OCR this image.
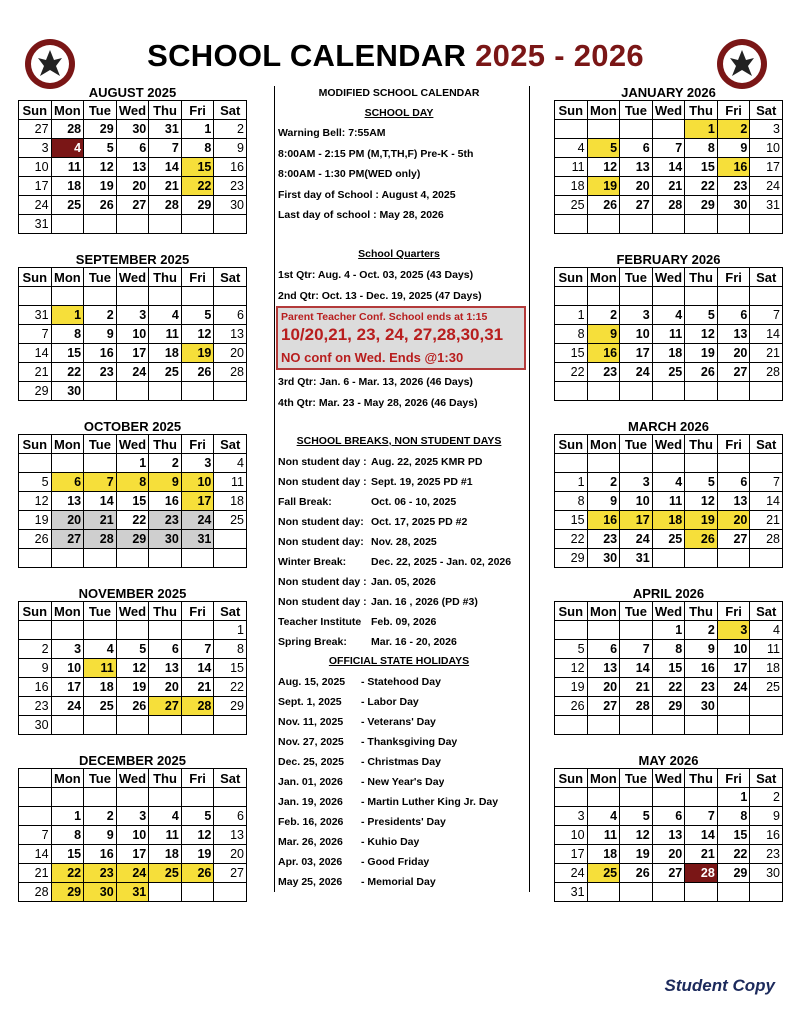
SCHOOL CALENDAR 2025 - 2026
AUGUST 2025
Sun	Mon	Tue	Wed	Thu	Fri	Sat
27	28	29	30	31	1	2
3	4	5	6	7	8	9
10	11	12	13	14	15	16
17	18	19	20	21	22	23
24	25	26	27	28	29	30
31						
SEPTEMBER 2025
Sun	Mon	Tue	Wed	Thu	Fri	Sat

31	1	2	3	4	5	6
7	8	9	10	11	12	13
14	15	16	17	18	19	20
21	22	23	24	25	26	28
29	30					
OCTOBER 2025
Sun	Mon	Tue	Wed	Thu	Fri	Sat
			1	2	3	4
5	6	7	8	9	10	11
12	13	14	15	16	17	18
19	20	21	22	23	24	25
26	27	28	29	30	31	

NOVEMBER 2025
Sun	Mon	Tue	Wed	Thu	Fri	Sat
						1
2	3	4	5	6	7	8
9	10	11	12	13	14	15
16	17	18	19	20	21	22
23	24	25	26	27	28	29
30						
DECEMBER 2025
	Mon	Tue	Wed	Thu	Fri	Sat

	1	2	3	4	5	6
7	8	9	10	11	12	13
14	15	16	17	18	19	20
21	22	23	24	25	26	27
28	29	30	31			
JANUARY 2026
Sun	Mon	Tue	Wed	Thu	Fri	Sat
				1	2	3
4	5	6	7	8	9	10
11	12	13	14	15	16	17
18	19	20	21	22	23	24
25	26	27	28	29	30	31

FEBRUARY 2026
Sun	Mon	Tue	Wed	Thu	Fri	Sat

1	2	3	4	5	6	7
8	9	10	11	12	13	14
15	16	17	18	19	20	21
22	23	24	25	26	27	28

MARCH 2026
Sun	Mon	Tue	Wed	Thu	Fri	Sat

1	2	3	4	5	6	7
8	9	10	11	12	13	14
15	16	17	18	19	20	21
22	23	24	25	26	27	28
29	30	31				
APRIL 2026
Sun	Mon	Tue	Wed	Thu	Fri	Sat
			1	2	3	4
5	6	7	8	9	10	11
12	13	14	15	16	17	18
19	20	21	22	23	24	25
26	27	28	29	30		

MAY 2026
Sun	Mon	Tue	Wed	Thu	Fri	Sat
					1	2
3	4	5	6	7	8	9
10	11	12	13	14	15	16
17	18	19	20	21	22	23
24	25	26	27	28	29	30
31						
MODIFIED SCHOOL CALENDAR
SCHOOL DAY
Warning Bell: 7:55AM
8:00AM - 2:15 PM (M,T,TH,F) Pre-K - 5th
8:00AM - 1:30 PM(WED only)
First day of School : August 4, 2025
Last day of school : May 28, 2026
School Quarters
1st Qtr: Aug. 4 - Oct. 03, 2025 (43 Days)
2nd Qtr: Oct. 13 - Dec. 19, 2025 (47 Days)
Parent Teacher Conf. School ends at 1:15
10/20,21, 23, 24, 27,28,30,31
NO conf on Wed. Ends @1:30
3rd Qtr: Jan. 6 - Mar. 13, 2026 (46 Days)
4th Qtr: Mar. 23 - May 28, 2026 (46 Days)
SCHOOL BREAKS, NON STUDENT DAYS
Non student day : Aug. 22, 2025 KMR PD
Non student day : Sept. 19, 2025 PD #1
Fall Break:	Oct. 06 - 10, 2025
Non student day: Oct. 17, 2025 PD #2
Non student day: Nov. 28, 2025
Winter Break:	Dec. 22, 2025 - Jan. 02, 2026
Non student day : Jan. 05, 2026
Non student day : Jan. 16 , 2026 (PD #3)
Teacher Institute Feb. 09, 2026
Spring Break:	Mar. 16 - 20, 2026
OFFICIAL STATE HOLIDAYS
Aug. 15, 2025	- Statehood Day
Sept. 1, 2025	- Labor Day
Nov. 11, 2025	- Veterans' Day
Nov. 27, 2025	- Thanksgiving Day
Dec. 25, 2025	- Christmas Day
Jan. 01, 2026	- New Year's Day
Jan. 19, 2026	- Martin Luther King Jr. Day
Feb. 16, 2026	- Presidents' Day
Mar. 26, 2026	- Kuhio Day
Apr. 03, 2026	- Good Friday
May 25, 2026	- Memorial Day
Student Copy
